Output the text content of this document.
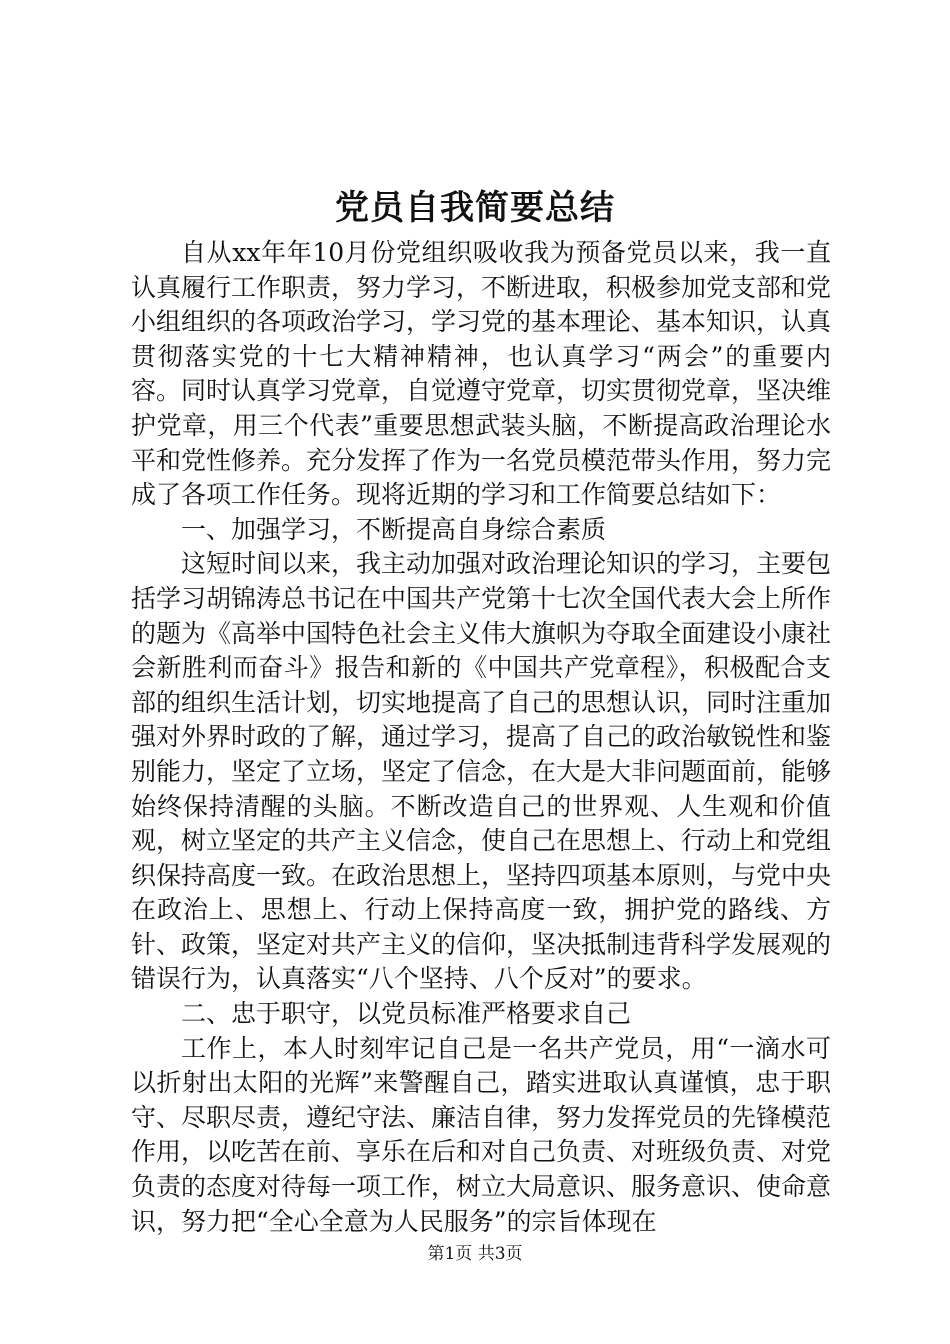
党员自我简要总结

自从xx年年10月份党组织吸收我为预备党员以来，我一直认真履行工作职责，努力学习，不断进取，积极参加党支部和党小组组织的各项政治学习，学习党的基本理论、基本知识，认真贯彻落实党的十七大精神精神，也认真学习“两会”的重要内容。同时认真学习党章，自觉遵守党章，切实贯彻党章，坚决维护党章，用三个代表”重要思想武装头脑，不断提高政治理论水平和党性修养。充分发挥了作为一名党员模范带头作用，努力完成了各项工作任务。现将近期的学习和工作简要总结如下：

一、加强学习，不断提高自身综合素质

这短时间以来，我主动加强对政治理论知识的学习，主要包括学习胡锦涛总书记在中国共产党第十七次全国代表大会上所作的题为《高举中国特色社会主义伟大旗帜为夺取全面建设小康社会新胜利而奋斗》报告和新的《中国共产党章程》，积极配合支部的组织生活计划，切实地提高了自己的思想认识，同时注重加强对外界时政的了解，通过学习，提高了自己的政治敏锐性和鉴别能力，坚定了立场，坚定了信念，在大是大非问题面前，能够始终保持清醒的头脑。不断改造自己的世界观、人生观和价值观，树立坚定的共产主义信念，使自己在思想上、行动上和党组织保持高度一致。在政治思想上，坚持四项基本原则，与党中央在政治上、思想上、行动上保持高度一致，拥护党的路线、方针、政策，坚定对共产主义的信仰，坚决抵制违背科学发展观的错误行为，认真落实“八个坚持、八个反对”的要求。

二、忠于职守，以党员标准严格要求自己

工作上，本人时刻牢记自己是一名共产党员，用“一滴水可以折射出太阳的光辉”来警醒自己，踏实进取认真谨慎，忠于职守、尽职尽责，遵纪守法、廉洁自律，努力发挥党员的先锋模范作用，以吃苦在前、享乐在后和对自己负责、对班级负责、对党负责的态度对待每一项工作，树立大局意识、服务意识、使命意识，努力把“全心全意为人民服务”的宗旨体现在

第1页 共3页
